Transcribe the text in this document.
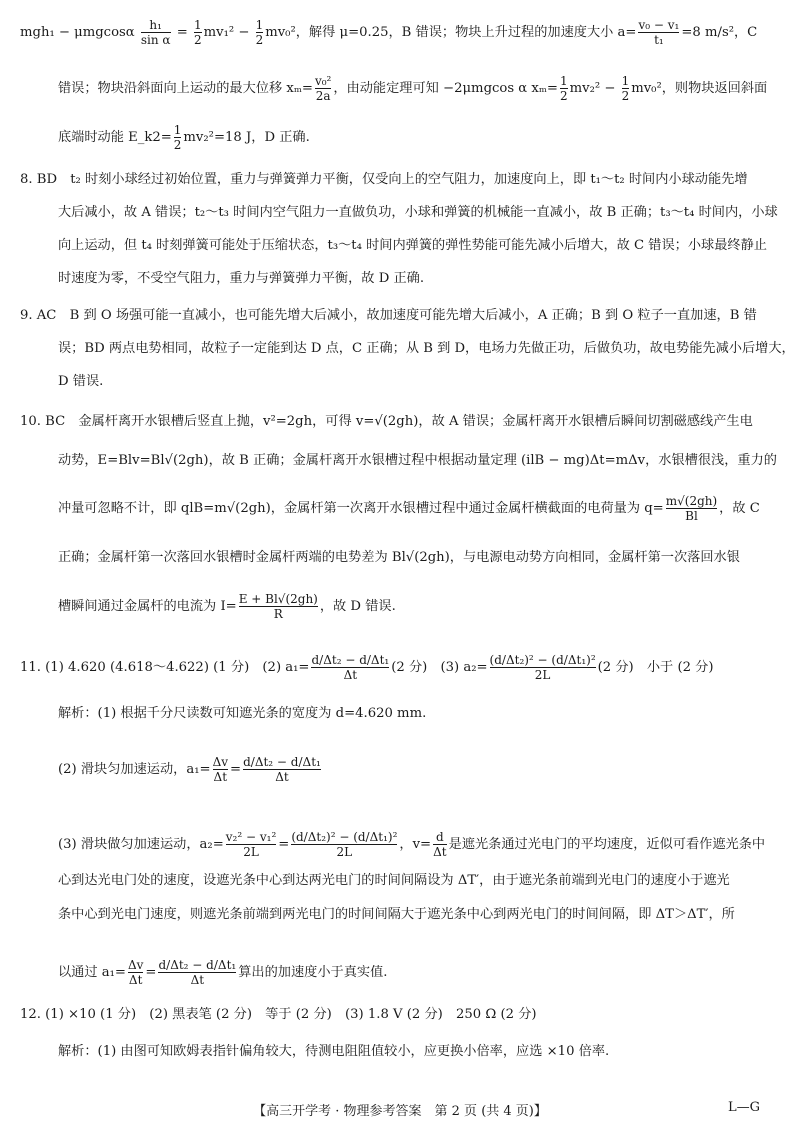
mgh₁ − μmgcosα $\frac{\text{h₁}}{\text{sin α}} = \frac{1}{2} mv_1^2 - \frac{1}{2} mv_0^2$，解得 μ=0.25，B 错误；物块上升过程的加速度大小 $a= \frac{\text{v₀ − v₁}}{\text{t₁}} =8$ m/s²，C
错误；物块沿斜面向上运动的最大位移 $x_m= \frac{\text{v₀²}}{2a}$ ，由动能定理可知 −2μmgcos α $x_m= \frac{1}{2} mv_2^2 - \frac{1}{2} mv_0^2$，则物块返回斜面
底端时动能 E_k2= $\frac{1}{2} mv_2^2=18$ J，D 正确.
8. BD　t₂ 时刻小球经过初始位置，重力与弹簧弹力平衡，仅受向上的空气阻力，加速度向上，即 t₁～t₂ 时间内小球动能先增
大后减小，故 A 错误；t₂～t₃ 时间内空气阻力一直做负功，小球和弹簧的机械能一直减小，故 B 正确；t₃～t₄ 时间内，小球
向上运动，但 t₄ 时刻弹簧可能处于压缩状态，t₃～t₄ 时间内弹簧的弹性势能可能先减小后增大，故 C 错误；小球最终静止
时速度为零，不受空气阻力，重力与弹簧弹力平衡，故 D 正确.
9. AC　B 到 O 场强可能一直减小，也可能先增大后减小，故加速度可能先增大后减小，A 正确；B 到 O 粒子一直加速，B 错
误；BD 两点电势相同，故粒子一定能到达 D 点，C 正确；从 B 到 D，电场力先做正功，后做负功，故电势能先减小后增大，
D 错误.
10. BC　金属杆离开水银槽后竖直上抛，v²=2gh，可得 v=√(2gh)，故 A 错误；金属杆离开水银槽后瞬间切割磁感线产生电
动势，E=Blv=Bl√(2gh)，故 B 正确；金属杆离开水银槽过程中根据动量定理 (ilB − mg)Δt=mΔv，水银槽很浅，重力的
冲量可忽略不计，即 qlB=m√(2gh)，金属杆第一次离开水银槽过程中通过金属杆横截面的电荷量为 $q= \frac{m√(2gh)}{Bl}$ ，故 C
正确；金属杆第一次落回水银槽时金属杆两端的电势差为 Bl√(2gh)，与电源电动势方向相同，金属杆第一次落回水银
槽瞬间通过金属杆的电流为 $I= \frac{E + Bl√(2gh)}{R}$ ，故 D 错误.
11. (1) 4.620 (4.618～4.622) (1 分)　(2) $a_1= \frac{\text{d/Δt₂ − d/Δt₁}}{\Delta t} (2$ 分)　(3) $a_2= \frac{\text{(d/Δt₂)² − (d/Δt₁)²}}{2L} (2$ 分)　小于 (2 分)
解析：(1) 根据千分尺读数可知遮光条的宽度为 d=4.620 mm.
(2) 滑块匀加速运动，$a_1= \frac{\Delta v}{\Delta t} = \frac{\text{d/Δt₂ − d/Δt₁}}{\Delta t}$
(3) 滑块做匀加速运动，$a_2= \frac{\text{v₂² − v₁²}}{2L} = \frac{\text{(d/Δt₂)² − (d/Δt₁)²}}{2L}$ ，$v= \frac{d}{\Delta t}$ 是遮光条通过光电门的平均速度，近似可看作遮光条中
心到达光电门处的速度，设遮光条中心到达两光电门的时间间隔设为 ΔT′，由于遮光条前端到光电门的速度小于遮光
条中心到光电门速度，则遮光条前端到两光电门的时间间隔大于遮光条中心到两光电门的时间间隔，即 ΔT＞ΔT′，所
以通过 $a_1= \frac{\Delta v}{\Delta t} = \frac{\text{d/Δt₂ − d/Δt₁}}{\Delta t}$ 算出的加速度小于真实值.
12. (1) ×10 (1 分)　(2) 黑表笔 (2 分)　等于 (2 分)　(3) 1.8 V (2 分)　250 Ω (2 分)
解析：(1) 由图可知欧姆表指针偏角较大，待测电阻阻值较小，应更换小倍率，应选 ×10 倍率.
【高三开学考 · 物理参考答案　第 2 页 (共 4 页)】	L—G
